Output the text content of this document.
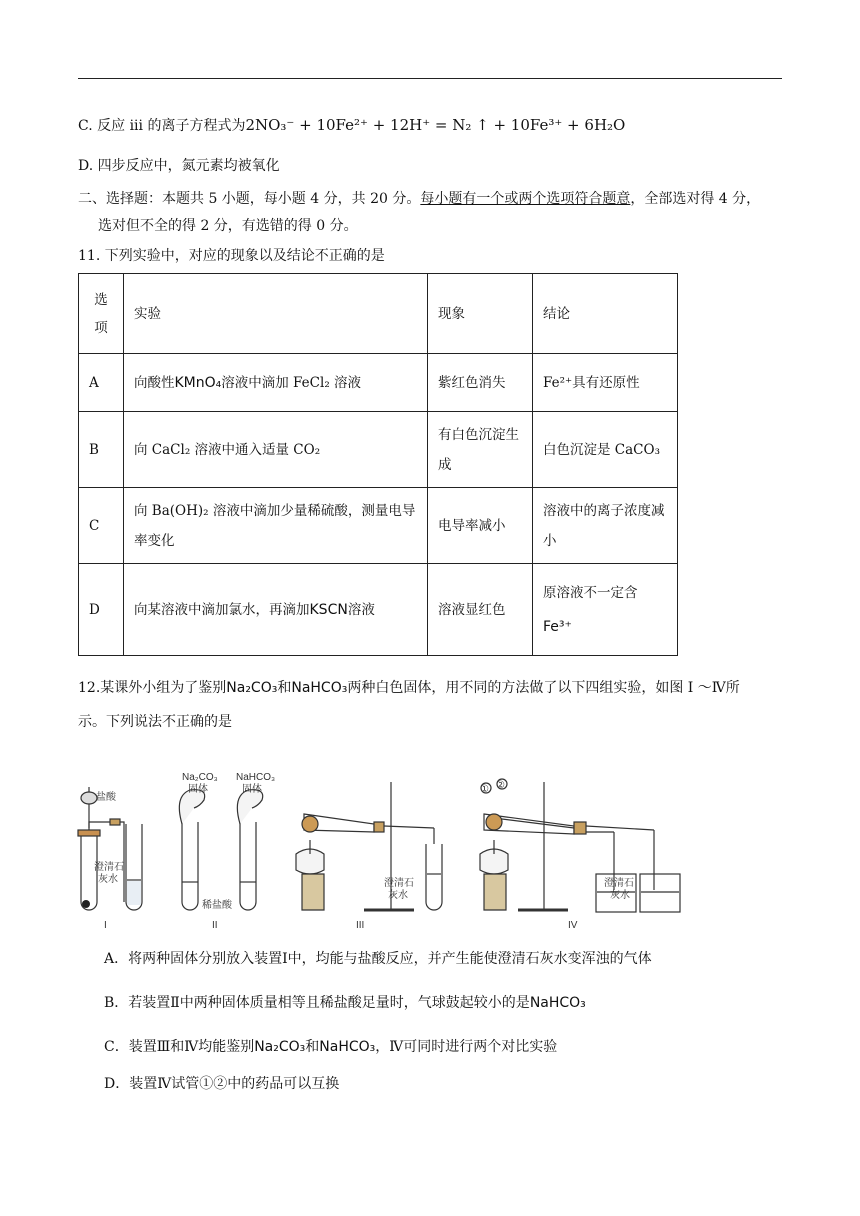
C. 反应 iii 的离子方程式为2NO₃⁻ + 10Fe²⁺ + 12H⁺ = N₂ ↑ + 10Fe³⁺ + 6H₂O
D. 四步反应中，氮元素均被氧化
二、选择题：本题共 5 小题，每小题 4 分，共 20 分。每小题有一个或两个选项符合题意，全部选对得 4 分，
选对但不全的得 2 分，有选错的得 0 分。
11. 下列实验中，对应的现象以及结论不正确的是
选项	实验	现象	结论
A	向酸性KMnO₄溶液中滴加 FeCl₂ 溶液	紫红色消失	Fe²⁺具有还原性
B	向 CaCl₂ 溶液中通入适量 CO₂	有白色沉淀生成	白色沉淀是 CaCO₃
C	向 Ba(OH)₂ 溶液中滴加少量稀硫酸，测量电导率变化	电导率减小	溶液中的离子浓度减小
D	向某溶液中滴加氯水，再滴加KSCN溶液	溶液显红色	原溶液不一定含
Fe³⁺
12.某课外小组为了鉴别Na₂CO₃和NaHCO₃两种白色固体，用不同的方法做了以下四组实验，如图 Ⅰ ～Ⅳ所
示。下列说法不正确的是
盐酸
Na₂CO₃
固体
NaHCO₃
固体
稀盐酸
澄清石
灰水	澄清石
灰水
澄清石
灰水
① ②
I	II	III	IV
A．将两种固体分别放入装置Ⅰ中，均能与盐酸反应，并产生能使澄清石灰水变浑浊的气体
B．若装置Ⅱ中两种固体质量相等且稀盐酸足量时，气球鼓起较小的是NaHCO₃
C．装置Ⅲ和Ⅳ均能鉴别Na₂CO₃和NaHCO₃，Ⅳ可同时进行两个对比实验
D．装置Ⅳ试管①②中的药品可以互换
